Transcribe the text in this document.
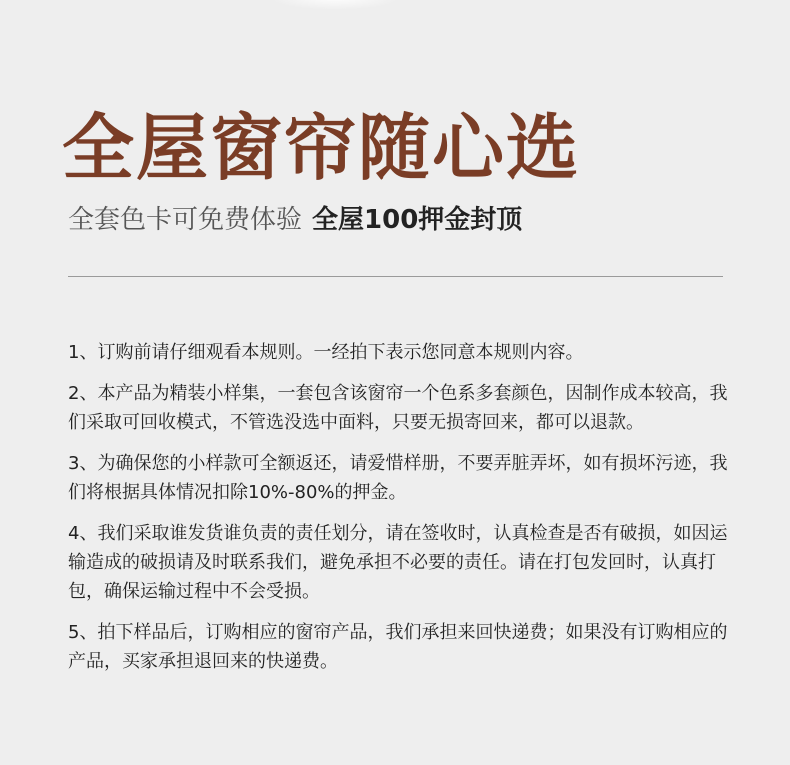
全屋窗帘随心选
全套色卡可免费体验 全屋100押金封顶

1、订购前请仔细观看本规则。一经拍下表示您同意本规则内容。

2、本产品为精装小样集，一套包含该窗帘一个色系多套颜色，因制作成本较高，我们采取可回收模式，不管选没选中面料，只要无损寄回来，都可以退款。

3、为确保您的小样款可全额返还，请爱惜样册，不要弄脏弄坏，如有损坏污迹，我们将根据具体情况扣除10%-80%的押金。

4、我们采取谁发货谁负责的责任划分，请在签收时，认真检查是否有破损，如因运输造成的破损请及时联系我们，避免承担不必要的责任。请在打包发回时，认真打包，确保运输过程中不会受损。

5、拍下样品后，订购相应的窗帘产品，我们承担来回快递费；如果没有订购相应的产品，买家承担退回来的快递费。
